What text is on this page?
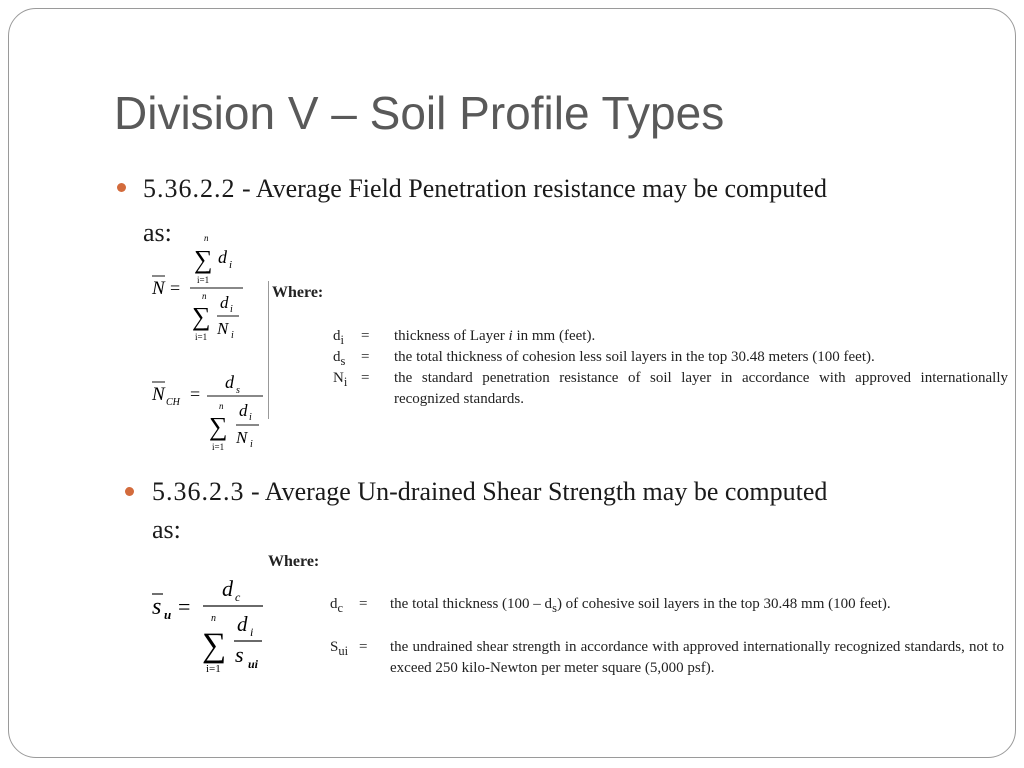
Division V – Soil Profile Types
5.36.2.2 - Average Field Penetration resistance may be computed
as:
N =
n
∑
i=1
d i
n
∑
i=1
d i
N i
N CH =
d s
n
∑
i=1
d i
N i
Where:
$d_i$ = thickness of Layer i in mm (feet).
$d_s$ = the total thickness of cohesion less soil layers in the top 30.48 meters (100 feet).
$N_i$ = the standard penetration resistance of soil layer in accordance with approved internationally recognized standards.
5.36.2.3 - Average Un-drained Shear Strength may be computed
as:
Where:
s u =
d c
n
∑
i=1
d i
s ui
$d_c$ = the total thickness $(100 - d_s)$ of cohesive soil layers in the top 30.48 mm (100 feet).
$S_{ui}$ = the undrained shear strength in accordance with approved internationally recognized standards, not to exceed 250 kilo-Newton per meter square (5,000 psf).
